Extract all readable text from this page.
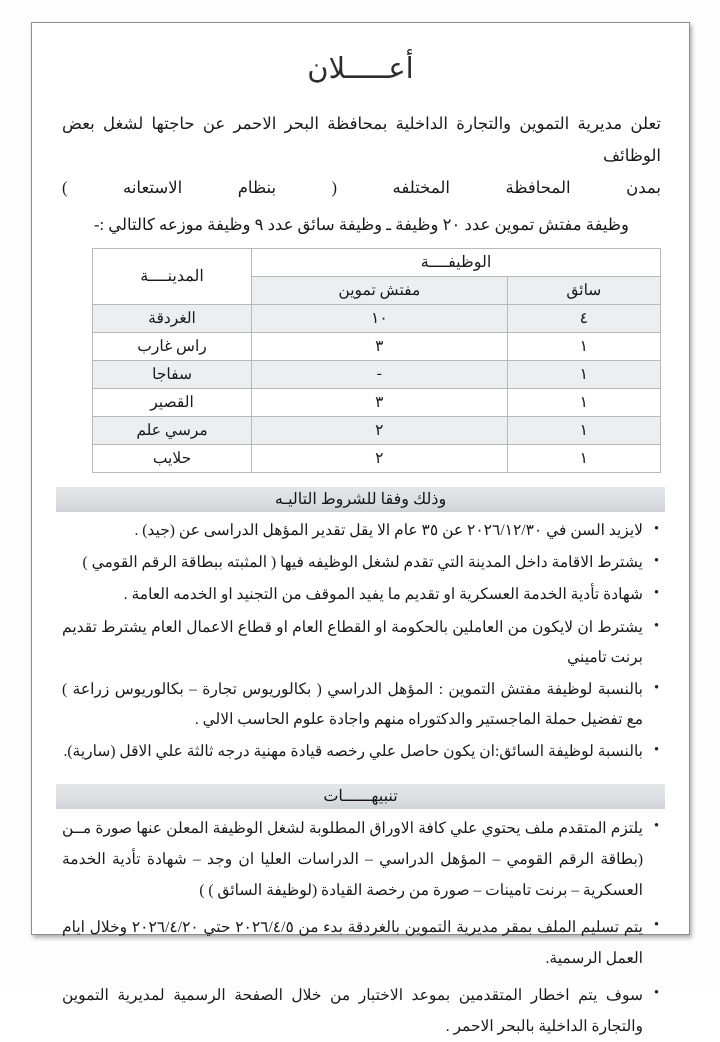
أعـــــلان

تعلن مديرية التموين والتجارة الداخلية بمحافظة البحر الاحمر عن حاجتها لشغل بعض الوظائف
بمدن المحافظة المختلفه ( بنظام الاستعانه )

وظيفة مفتش تموين عدد ٢٠ وظيفة ـ وظيفة سائق عدد ٩ وظيفة موزعه كالتالي :-

الوظيفــــة		المدينــــة
سائق	مفتش تموين	
٤	١٠	الغردقة
١	٣	راس غارب
١	-	سفاجا
١	٣	القصير
١	٢	مرسي علم
١	٢	حلايب
وذلك وفقا للشروط التاليـه
● لايزيد السن في ٢٠٢٦/١٢/٣٠ عن ٣٥ عام الا يقل تقدير المؤهل الدراسى عن (جيد) .
● يشترط الاقامة داخل المدينة التي تقدم لشغل الوظيفه فيها ( المثبته ببطاقة الرقم القومي )
● شهادة تأدية الخدمة العسكرية او تقديم ما يفيد الموقف من التجنيد او الخدمه العامة .
● يشترط ان لايكون من العاملين بالحكومة او القطاع العام او قطاع الاعمال العام يشترط تقديم برنت تاميني
● بالنسبة لوظيفة مفتش التموين : المؤهل الدراسي ( بكالوريوس تجارة – بكالوريوس زراعة ) مع تفضيل حملة الماجستير والدكتوراه منهم واجادة علوم الحاسب الالي .
● بالنسبة لوظيفة السائق:ان يكون حاصل علي رخصه قيادة مهنية درجه ثالثة علي الاقل (سارية).
تنبيهــــــات
● يلتزم المتقدم ملف يحتوي علي كافة الاوراق المطلوبة لشغل الوظيفة المعلن عنها صورة مــن (بطاقة الرقم القومي – المؤهل الدراسي – الدراسات العليا ان وجد – شهادة تأدية الخدمة العسكرية – برنت تامينات – صورة من رخصة القيادة (لوظيفة السائق ) )
● يتم تسليم الملف بمقر مديرية التموين بالغردقة بدء من ٢٠٢٦/٤/٥ حتي ٢٠٢٦/٤/٢٠ وخلال ايام العمل الرسمية.
● سوف يتم اخطار المتقدمين بموعد الاختبار من خلال الصفحة الرسمية لمديرية التموين والتجارة الداخلية بالبحر الاحمر .
